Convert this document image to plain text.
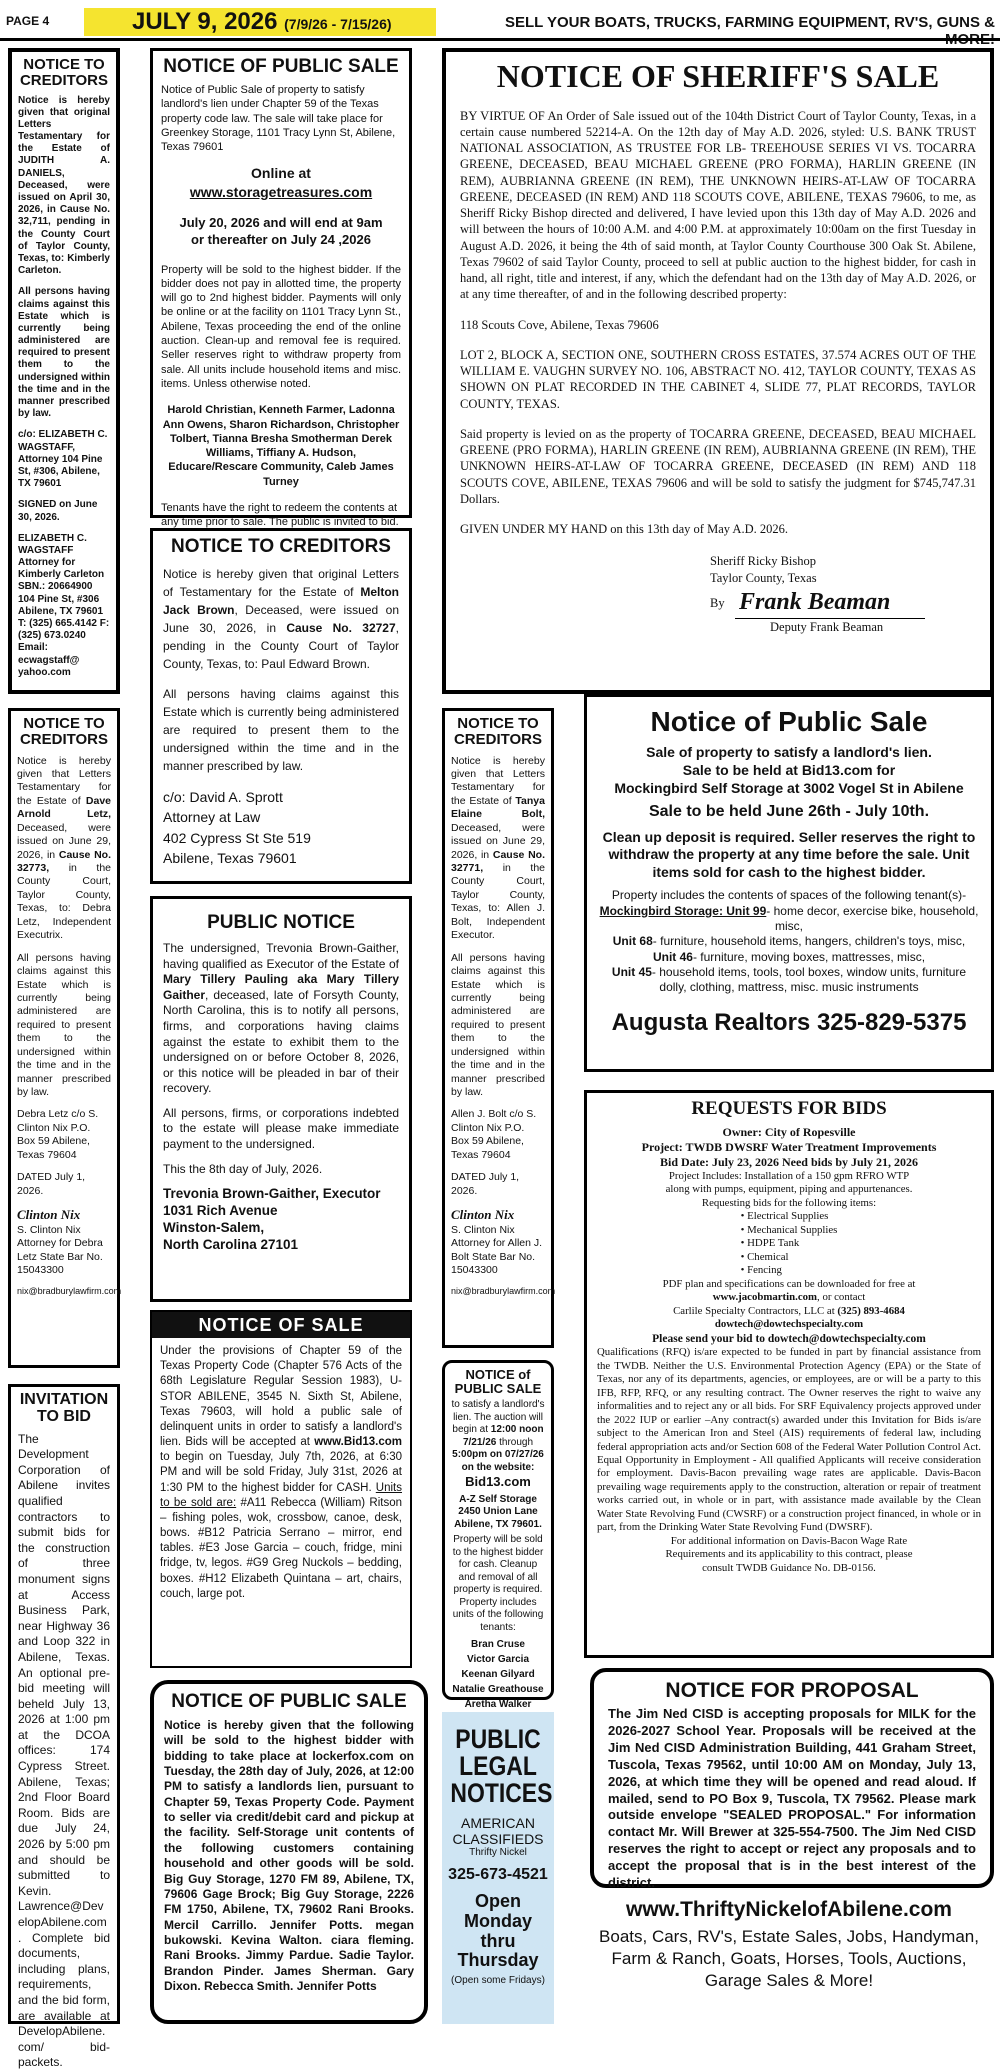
PAGE 4	JULY 9, 2026 (7/9/26 - 7/15/26)	SELL YOUR BOATS, TRUCKS, FARMING EQUIPMENT, RV'S, GUNS &
NOTICE TO CREDITORS

Notice is hereby given that original Letters Testamentary for the Estate of JUDITH A. DANIELS, Deceased, were issued on April 30, 2026, in Cause No. 32,711, pending in the County Court of Taylor County, Texas, to: Kimberly Carleton.

All persons having claims against this Estate which is currently being administered are required to present them to the undersigned within the time and in the manner prescribed by law.

c/o: ELIZABETH C. WAGSTAFF, Attorney 104 Pine St, #306, Abilene, TX 79601

SIGNED on June 30, 2026.

ELIZABETH C. WAGSTAFF Attorney for Kimberly Carleton SBN.: 20664900 104 Pine St, #306 Abilene, TX 79601 T: (325) 665.4142 F: (325) 673.0240 Email: ecwagstaff@ yahoo.com

NOTICE TO CREDITORS

Notice is hereby given that Letters Testamentary for the Estate of Dave Arnold Letz, Deceased, were issued on June 29, 2026, in Cause No. 32773, in the County Court, Taylor County, Texas, to: Debra Letz, Independent Executrix.

All persons having claims against this Estate which is currently being administered are required to present them to the undersigned within the time and in the manner prescribed by law.

Debra Letz c/o S. Clinton Nix P.O. Box 59 Abilene, Texas 79604

DATED July 1, 2026.

Clinton Nix

S. Clinton Nix Attorney for Debra Letz State Bar No. 15043300

nix@bradburylawfirm.com
INVITATION TO BID

The Development Corporation of Abilene invites qualified contractors to submit bids for the construction of three monument signs at Access Business Park, near Highway 36 and Loop 322 in Abilene, Texas. An optional pre-bid meeting will beheld July 13, 2026 at 1:00 pm at the DCOA offices: 174 Cypress Street. Abilene, Texas; 2nd Floor Board Room. Bids are due July 24, 2026 by 5:00 pm and should be submitted to Kevin. Lawrence@DevelopAbilene.com. Complete bid documents, including plans, requirements, and the bid form, are available at DevelopAbilene.com/ bid-packets.

NOTICE OF PUBLIC SALE

Notice of Public Sale of property to satisfy landlord's lien under Chapter 59 of the Texas property code law. The sale will take place for Greenkey Storage, 1101 Tracy Lynn St, Abilene, Texas 79601

Online at www.storagetreasures.com
July 20, 2026 and will end at 9am or thereafter on July 24 ,2026

Property will be sold to the highest bidder. If the bidder does not pay in allotted time, the property will go to 2nd highest bidder. Payments will only be online or at the facility on 1101 Tracy Lynn St., Abilene, Texas proceeding the end of the online auction. Clean-up and removal fee is required. Seller reserves right to withdraw property from sale. All units include household items and misc. items. Unless otherwise noted.

Harold Christian, Kenneth Farmer, Ladonna Ann Owens, Sharon Richardson, Christopher Tolbert, Tianna Bresha Smotherman Derek Williams, Tiffiany A. Hudson, Educare/Rescare Community, Caleb James Turney

Tenants have the right to redeem the contents at any time prior to sale. The public is invited to bid.

NOTICE TO CREDITORS

Notice is hereby given that original Letters of Testamentary for the Estate of Melton Jack Brown, Deceased, were issued on June 30, 2026, in Cause No. 32727, pending in the County Court of Taylor County, Texas, to: Paul Edward Brown.

All persons having claims against this Estate which is currently being administered are required to present them to the undersigned within the time and in the manner prescribed by law.

c/o: David A. Sprott
Attorney at Law
402 Cypress St Ste 519
Abilene, Texas 79601
PUBLIC NOTICE

The undersigned, Trevonia Brown-Gaither, having qualified as Executor of the Estate of Mary Tillery Pauling aka Mary Tillery Gaither, deceased, late of Forsyth County, North Carolina, this is to notify all persons, firms, and corporations having claims against the estate to exhibit them to the undersigned on or before October 8, 2026, or this notice will be pleaded in bar of their recovery.

All persons, firms, or corporations indebted to the estate will please make immediate payment to the undersigned.

This the 8th day of July, 2026.

Trevonia Brown-Gaither, Executor
1031 Rich Avenue
Winston-Salem,
North Carolina 27101
NOTICE OF SALE
Under the provisions of Chapter 59 of the Texas Property Code (Chapter 576 Acts of the 68th Legislature Regular Session 1983), U-STOR ABILENE, 3545 N. Sixth St, Abilene, Texas 79603, will hold a public sale of delinquent units in order to satisfy a landlord's lien. Bids will be accepted at www.Bid13.com to begin on Tuesday, July 7th, 2026, at 6:30 PM and will be sold Friday, July 31st, 2026 at 1:30 PM to the highest bidder for CASH. Units to be sold are: #A11 Rebecca (William) Ritson – fishing poles, wok, crossbow, canoe, desk, bows. #B12 Patricia Serrano – mirror, end tables. #E3 Jose Garcia – couch, fridge, mini fridge, tv, legos. #G9 Greg Nuckols – bedding, boxes. #H12 Elizabeth Quintana – art, chairs, couch, large pot.
NOTICE OF PUBLIC SALE

Notice is hereby given that the following will be sold to the highest bidder with bidding to take place at lockerfox.com on Tuesday, the 28th day of July, 2026, at 12:00 PM to satisfy a landlords lien, pursuant to Chapter 59, Texas Property Code. Payment to seller via credit/debit card and pickup at the facility. Self-Storage unit contents of the following customers containing household and other goods will be sold. Big Guy Storage, 1270 FM 89, Abilene, TX, 79606 Gage Brock; Big Guy Storage, 2226 FM 1750, Abilene, TX, 79602 Rani Brooks. Mercil Carrillo. Jennifer Potts. megan bukowski. Kevina Walton. ciara fleming. Rani Brooks. Jimmy Pardue. Sadie Taylor. Brandon Pinder. James Sherman. Gary Dixon. Rebecca Smith. Jennifer Potts

NOTICE OF SHERIFF'S SALE

BY VIRTUE OF An Order of Sale issued out of the 104th District Court of Taylor County, Texas, in a certain cause numbered 52214-A. On the 12th day of May A.D. 2026, styled: U.S. BANK TRUST NATIONAL ASSOCIATION, AS TRUSTEE FOR LB- TREEHOUSE SERIES VI VS. TOCARRA GREENE, DECEASED, BEAU MICHAEL GREENE (PRO FORMA), HARLIN GREENE (IN REM), AUBRIANNA GREENE (IN REM), THE UNKNOWN HEIRS-AT-LAW OF TOCARRA GREENE, DECEASED (IN REM) AND 118 SCOUTS COVE, ABILENE, TEXAS 79606, to me, as Sheriff Ricky Bishop directed and delivered, I have levied upon this 13th day of May A.D. 2026 and will between the hours of 10:00 A.M. and 4:00 P.M. at approximately 10:00am on the first Tuesday in August A.D. 2026, it being the 4th of said month, at Taylor County Courthouse 300 Oak St. Abilene, Texas 79602 of said Taylor County, proceed to sell at public auction to the highest bidder, for cash in hand, all right, title and interest, if any, which the defendant had on the 13th day of May A.D. 2026, or at any time thereafter, of and in the following described property:

118 Scouts Cove, Abilene, Texas 79606

LOT 2, BLOCK A, SECTION ONE, SOUTHERN CROSS ESTATES, 37.574 ACRES OUT OF THE WILLIAM E. VAUGHN SURVEY NO. 106, ABSTRACT NO. 412, TAYLOR COUNTY, TEXAS AS SHOWN ON PLAT RECORDED IN THE CABINET 4, SLIDE 77, PLAT RECORDS, TAYLOR COUNTY, TEXAS.

Said property is levied on as the property of TOCARRA GREENE, DECEASED, BEAU MICHAEL GREENE (PRO FORMA), HARLIN GREENE (IN REM), AUBRIANNA GREENE (IN REM), THE UNKNOWN HEIRS-AT-LAW OF TOCARRA GREENE, DECEASED (IN REM) AND 118 SCOUTS COVE, ABILENE, TEXAS 79606 and will be sold to satisfy the judgment for $745,747.31 Dollars.

GIVEN UNDER MY HAND on this 13th day of May A.D. 2026.

Sheriff Ricky Bishop
Taylor County, Texas
By Frank Beaman
Deputy Frank Beaman
NOTICE TO CREDITORS

Notice is hereby given that Letters Testamentary for the Estate of Tanya Elaine Bolt, Deceased, were issued on June 29, 2026, in Cause No. 32771, in the County Court, Taylor County, Texas, to: Allen J. Bolt, Independent Executor.

All persons having claims against this Estate which is currently being administered are required to present them to the undersigned within the time and in the manner prescribed by law.

Allen J. Bolt c/o S. Clinton Nix P.O. Box 59 Abilene, Texas 79604

DATED July 1, 2026.

Clinton Nix

S. Clinton Nix Attorney for Allen J. Bolt State Bar No. 15043300

nix@bradburylawfirm.com
NOTICE of PUBLIC SALE
to satisfy a landlord's lien. The auction will begin at 12:00 noon 7/21/26 through 5:00pm on 07/27/26
on the website:
Bid13.com
A-Z Self Storage 2450 Union Lane Abilene, TX 79601.
Property will be sold to the highest bidder for cash. Cleanup and removal of all property is required. Property includes units of the following tenants:
Bran Cruse
Victor Garcia
Keenan Gilyard
Natalie Greathouse
Aretha Walker
PUBLIC
LEGAL
NOTICES
AMERICAN
CLASSIFIEDS
Thrifty Nickel
325-673-4521
Open Monday
thru Thursday
(Open some Fridays)
Notice of Public Sale
Sale of property to satisfy a landlord's lien.
Sale to be held at Bid13.com for
Mockingbird Self Storage at 3002 Vogel St in Abilene
Sale to be held June 26th - July 10th.
Clean up deposit is required. Seller reserves the right to withdraw the property at any time before the sale. Unit items sold for cash to the highest bidder.
Property includes the contents of spaces of the following tenant(s)-
Mockingbird Storage: Unit 99- home decor, exercise bike, household, misc,
Unit 68- furniture, household items, hangers, children's toys, misc,
Unit 46- furniture, moving boxes, mattresses, misc,
Unit 45- household items, tools, tool boxes, window units, furniture dolly, clothing, mattress, misc. music instruments
Augusta Realtors 325-829-5375
REQUESTS FOR BIDS
Owner: City of Ropesville
Project: TWDB DWSRF Water Treatment Improvements
Bid Date: July 23, 2026 Need bids by July 21, 2026
Project Includes: Installation of a 150 gpm RFRO WTP
along with pumps, equipment, piping and appurtenances.
Requesting bids for the following items:
• Electrical Supplies
• Mechanical Supplies
• HDPE Tank
• Chemical
• Fencing
PDF plan and specifications can be downloaded for free at
www.jacobmartin.com, or contact
Carlile Specialty Contractors, LLC at (325) 893-4684
dowtech@dowtechspecialty.com
Please send your bid to dowtech@dowtechspecialty.com

Qualifications (RFQ) is/are expected to be funded in part by financial assistance from the TWDB. Neither the U.S. Environmental Protection Agency (EPA) or the State of Texas, nor any of its departments, agencies, or employees, are or will be a party to this IFB, RFP, RFQ, or any resulting contract. The Owner reserves the right to waive any informalities and to reject any or all bids. For SRF Equivalency projects approved under the 2022 IUP or earlier –Any contract(s) awarded under this Invitation for Bids is/are subject to the American Iron and Steel (AIS) requirements of federal law, including federal appropriation acts and/or Section 608 of the Federal Water Pollution Control Act. Equal Opportunity in Employment - All qualified Applicants will receive consideration for employment. Davis-Bacon prevailing wage rates are applicable. Davis-Bacon prevailing wage requirements apply to the construction, alteration or repair of treatment works carried out, in whole or in part, with assistance made available by the Clean Water State Revolving Fund (CWSRF) or a construction project financed, in whole or in part, from the Drinking Water State Revolving Fund (DWSRF).

For additional information on Davis-Bacon Wage Rate
Requirements and its applicability to this contract, please
consult TWDB Guidance No. DB-0156.
NOTICE FOR PROPOSAL

The Jim Ned CISD is accepting proposals for MILK for the 2026-2027 School Year. Proposals will be received at the Jim Ned CISD Administration Building, 441 Graham Street, Tuscola, Texas 79562, until 10:00 AM on Monday, July 13, 2026, at which time they will be opened and read aloud. If mailed, send to PO Box 9, Tuscola, TX 79562. Please mark outside envelope "SEALED PROPOSAL." For information contact Mr. Will Brewer at 325-554-7500. The Jim Ned CISD reserves the right to accept or reject any proposals and to accept the proposal that is in the best interest of the district.

www.ThriftyNickelofAbilene.com
Boats, Cars, RV's, Estate Sales, Jobs, Handyman, Farm & Ranch, Goats, Horses, Tools, Auctions, Garage Sales & More!
